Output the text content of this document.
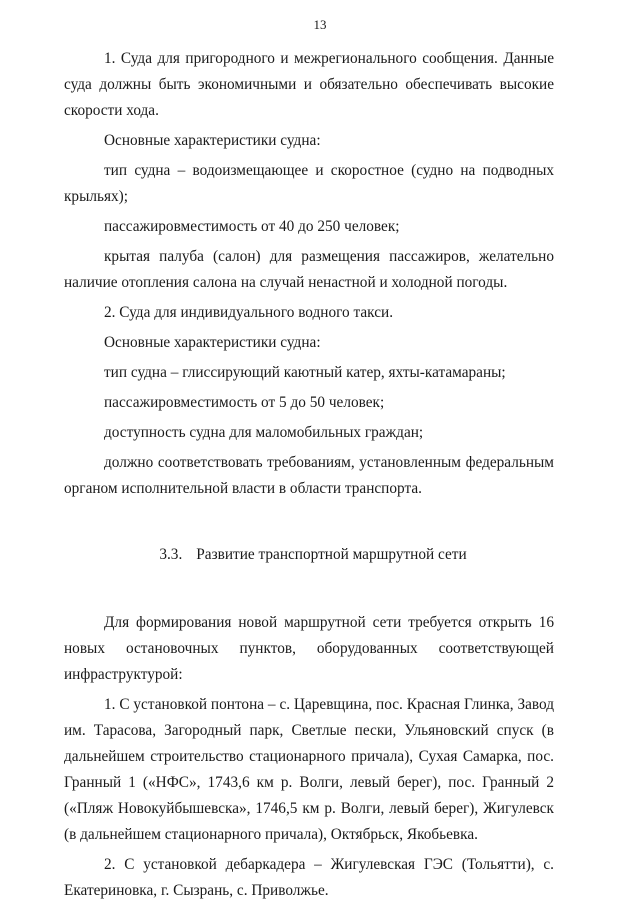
13

1. Суда для пригородного и межрегионального сообщения. Данные суда должны быть экономичными и обязательно обеспечивать высокие скорости хода.

Основные характеристики судна:

тип судна – водоизмещающее и скоростное (судно на подводных крыльях);

пассажировместимость от 40 до 250 человек;

крытая палуба (салон) для размещения пассажиров, желательно наличие отопления салона на случай ненастной и холодной погоды.

2. Суда для индивидуального водного такси.

Основные характеристики судна:

тип судна – глиссирующий каютный катер, яхты-катамараны;

пассажировместимость от 5 до 50 человек;

доступность судна для маломобильных граждан;

должно соответствовать требованиям, установленным федеральным органом исполнительной власти в области транспорта.

3.3. Развитие транспортной маршрутной сети

Для формирования новой маршрутной сети требуется открыть 16 новых остановочных пунктов, оборудованных соответствующей инфраструктурой:

1. С установкой понтона – с. Царевщина, пос. Красная Глинка, Завод им. Тарасова, Загородный парк, Светлые пески, Ульяновский спуск (в дальнейшем строительство стационарного причала), Сухая Самарка, пос. Гранный 1 («НФС», 1743,6 км р. Волги, левый берег), пос. Гранный 2 («Пляж Новокуйбышевска», 1746,5 км р. Волги, левый берег), Жигулевск (в дальнейшем стационарного причала), Октябрьск, Якобьевка.

2. С установкой дебаркадера – Жигулевская ГЭС (Тольятти), с. Екатериновка, г. Сызрань, с. Приволжье.
